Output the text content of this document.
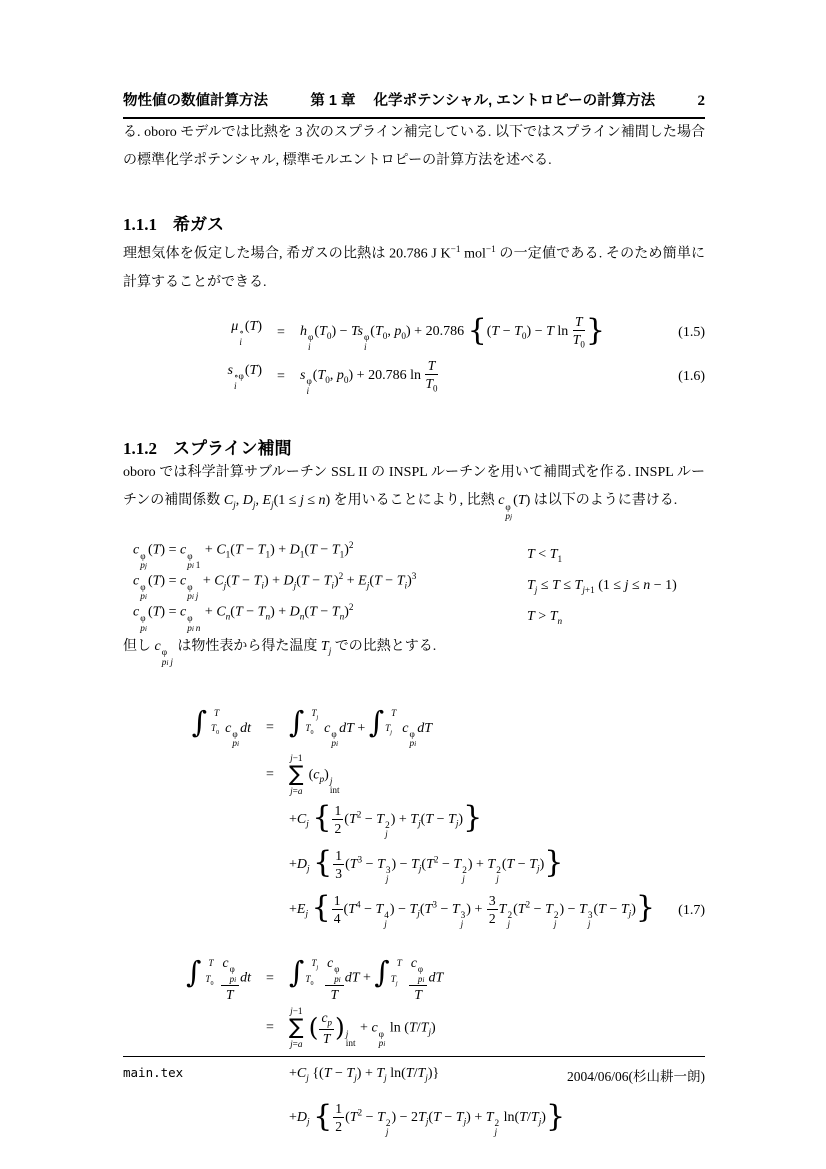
物性値の数値計算方法	第 1 章 化学ポテンシャル, エントロピーの計算方法	2

る. oboro モデルでは比熱を 3 次のスプライン補完している. 以下ではスプライン補間した場合の標準化学ポテンシャル, 標準モルエントロピーの計算方法を述べる.

1.1.1 希ガス

理想気体を仮定した場合, 希ガスの比熱は 20.786 J $K^{-1}$ mol$^{-1}$ の一定値である. そのため簡単に計算することができる.

μ ∘
i
(T)	=	h φ
i
$(T_0) - Ts$ φ
i
($T_0$, $p_0) + 20.786$ {$(T - T_0) - T$ $\ln \frac{T}{T_0}$ }	(1.5)
s ∘φ
i
(T)	=	s φ
i
($T_0$, $p_0) + 20.786$ $\ln \frac{T}{T_0}$	(1.6)
1.1.2 スプライン補間

oboro では科学計算サブルーチン SSL II の INSPL ルーチンを用いて補間式を作る. INSPL ルーチンの補間係数 $C_j$, $D_j$, $E_j(1 \le j \le n)$ を用いることにより, 比熱 c φ
pj
(T) は以下のように書ける.

c φ
pj
(T) = c φ
pi 1
+ $C_1(T - T_1) + D_1(T - T_1)^2$
$T < T_1$
c φ
pi
(T) = c φ
pi  j
+ $C_j(T - T_i) + D_j(T - T_i)^2 + E_j(T - T_i)^3$
$T_j \le T \le T_{j+1}$ (1 ≤ j ≤ n − 1)
c φ
pi
(T) = c φ
pi  n
+ $C_n(T - T_n) + D_n(T - T_n)^2$
$T > T_n$

但し c φ
pi  j
は物性表から得た温度 $T_j$ での比熱とする.

∫ T
$T_0$ c φ
pi
dt	= ∫ $T_j$
$T_0$ c φ
pi
dT + ∫ T
$T_j$ c φ
pi
dT
=
j−1
∑
j=a
$(c_p)$ j
int
$+C_j$ { $\frac{1}{2} (T^2 - T$ 2
j
) + $T_j(T - T_j)$}
$+D_j$ { $\frac{1}{3} (T^3 - T$ 3
j
) − $T_j(T^2 - T$ 2
j
) + T 2
j
$(T - T_j)$}
$+E_j$ { $\frac{1}{4} (T^4 - T$ 4
j
) − $T_j(T^3 - T$ 3
j
) + $\frac{3}{2}$ T 2
j
($T^2 - T$ 2
j
) − T 3
j
$(T - T_j)$} (1.7)
∫ T
$T_0$
c φ
pi
T
dt	= ∫ $T_j$
$T_0$
c φ
pi
T
dT + ∫ T
$T_j$
c φ
pi
T
dT
=
j−1
∑
j=a
( $\frac{c_p}{T}$ ) j
int
+ c φ
pi
$\ln (T/T_j)$
$+C_j$ {$(T - T_j) + T_j$ $\ln(T/T_j)$}
$+D_j$ { $\frac{1}{2} (T^2 - T$ 2
j
) − $2T_j(T - T_j) + T$ 2
j
$\ln(T/T_j)$}
main.tex	2004/06/06(杉山耕一朗)
